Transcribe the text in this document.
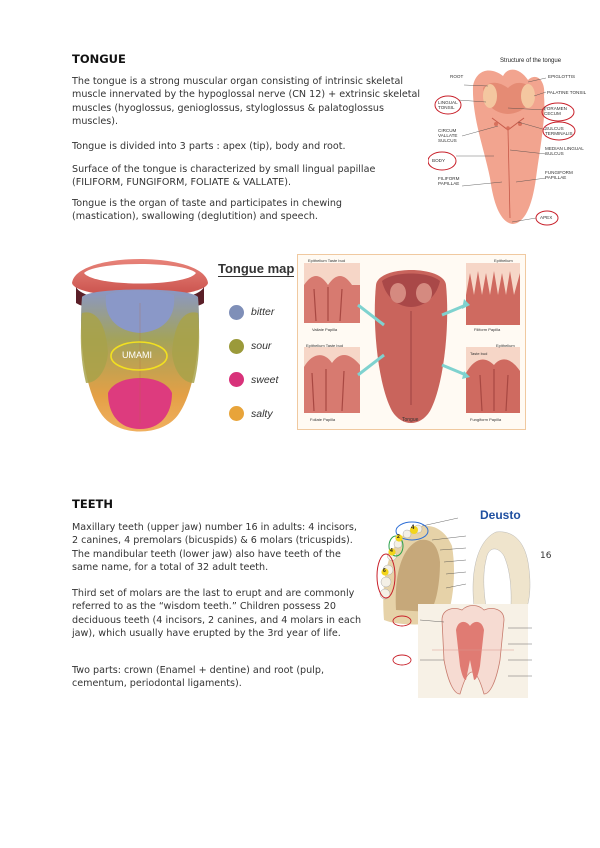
TONGUE

The tongue is a strong muscular organ consisting of intrinsic skeletal muscle innervated by the hypoglossal nerve (CN 12) + extrinsic skeletal muscles (hyoglossus, genioglossus, styloglossus & palatoglossus muscles).

Tongue is divided into 3 parts : apex (tip), body and root.

Surface of the tongue is characterized by small lingual papillae (FILIFORM, FUNGIFORM, FOLIATE & VALLATE).

Tongue is the organ of taste and participates in chewing (mastication), swallowing (deglutition) and speech.

Structure of the tongue
ROOT	EPIGLOTTIS
PALATINE TONSIL
LINGUAL TONSIL	FORAMEN CECUM
SULCUS TERMINALIS
CIRCUM VALLATE SULCUS
MEDIAN LINGUAL SULCUS
BODY
FUNGIFORM PAPILLAE
FILIFORM PAPILLAE
APEX
UMAMI
Tongue map
bitter
sour
sweet
salty
Epithelium Taste bud
Vallate Papilla
Epithelium Taste bud
Foliate Papilla
Epithelium
Filiform Papilla
Taste bud
Epithelium
Fungiform Papilla
Tongue
TEETH

Maxillary teeth (upper jaw) number 16 in adults: 4 incisors, 2 canines, 4 premolars (bicuspids) & 6 molars (tricuspids). The mandibular teeth (lower jaw) also have teeth of the same name, for a total of 32 adult teeth.

Third set of molars are the last to erupt and are commonly referred to as the “wisdom teeth.” Children possess 20 deciduous teeth (4 incisors, 2 canines, and 4 molars in each jaw), which usually have erupted by the 3rd year of life.

Two parts: crown (Enamel + dentine) and root (pulp, cementum, periodontal ligaments).

16
Deusto
4
2
6
4
